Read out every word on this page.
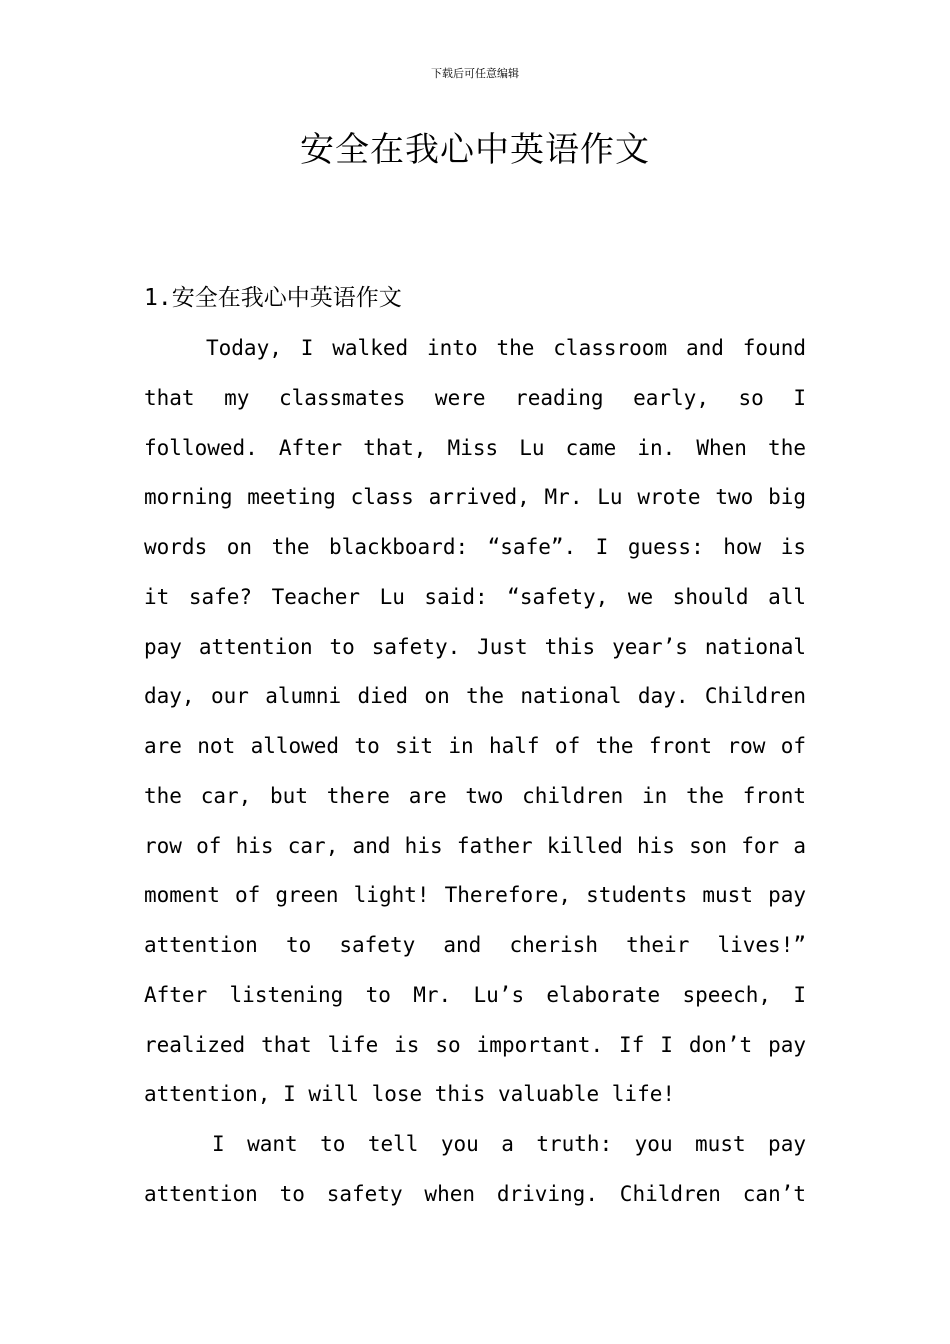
下载后可任意编辑
安全在我心中英语作文
1.安全在我心中英语作文
Today, I walked into the classroom and found
that my classmates were reading early, so I
followed. After that, Miss Lu came in. When the
morning meeting class arrived, Mr. Lu wrote two big
words on the blackboard: “safe”. I guess: how is
it safe? Teacher Lu said: “safety, we should all
pay attention to safety. Just this year’s national
day, our alumni died on the national day. Children
are not allowed to sit in half of the front row of
the car, but there are two children in the front
row of his car, and his father killed his son for a
moment of green light! Therefore, students must pay
attention to safety and cherish their lives!”
After listening to Mr. Lu’s elaborate speech, I
realized that life is so important. If I don’t pay
attention, I will lose this valuable life!
I want to tell you a truth: you must pay
attention to safety when driving. Children can’t
